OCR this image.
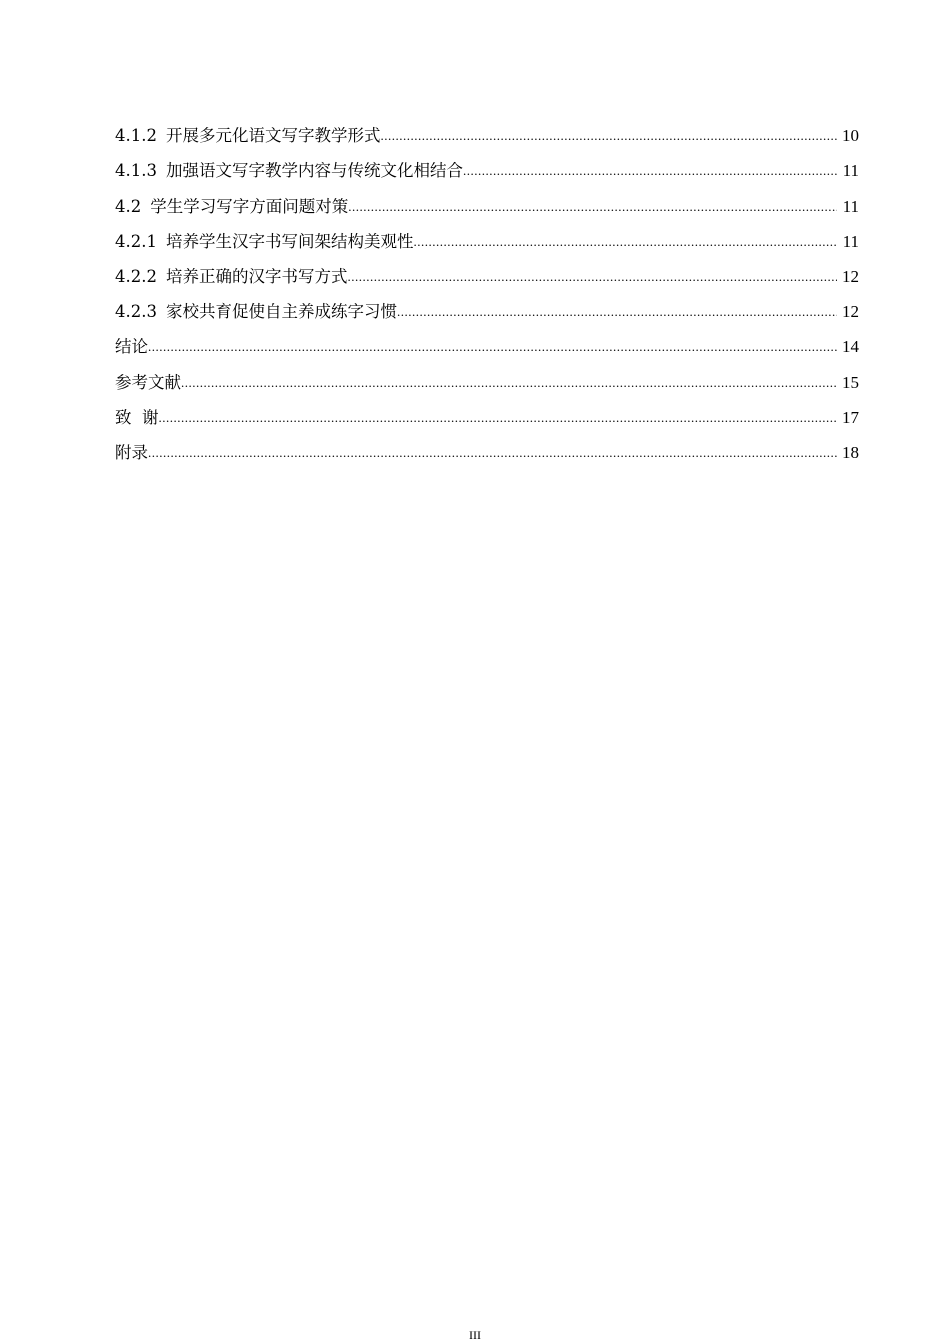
4.1.2 开展多元化语文写字教学形式 .....	10
4.1.3 加强语文写字教学内容与传统文化相结合 .....	11
4.2 学生学习写字方面问题对策 .....	11
4.2.1 培养学生汉字书写间架结构美观性 .....	11
4.2.2 培养正确的汉字书写方式 .....	12
4.2.3 家校共育促使自主养成练字习惯 .....	12
结论 .....	14
参考文献 .....	15
致  谢 .....	17
附录 .....	18
III
